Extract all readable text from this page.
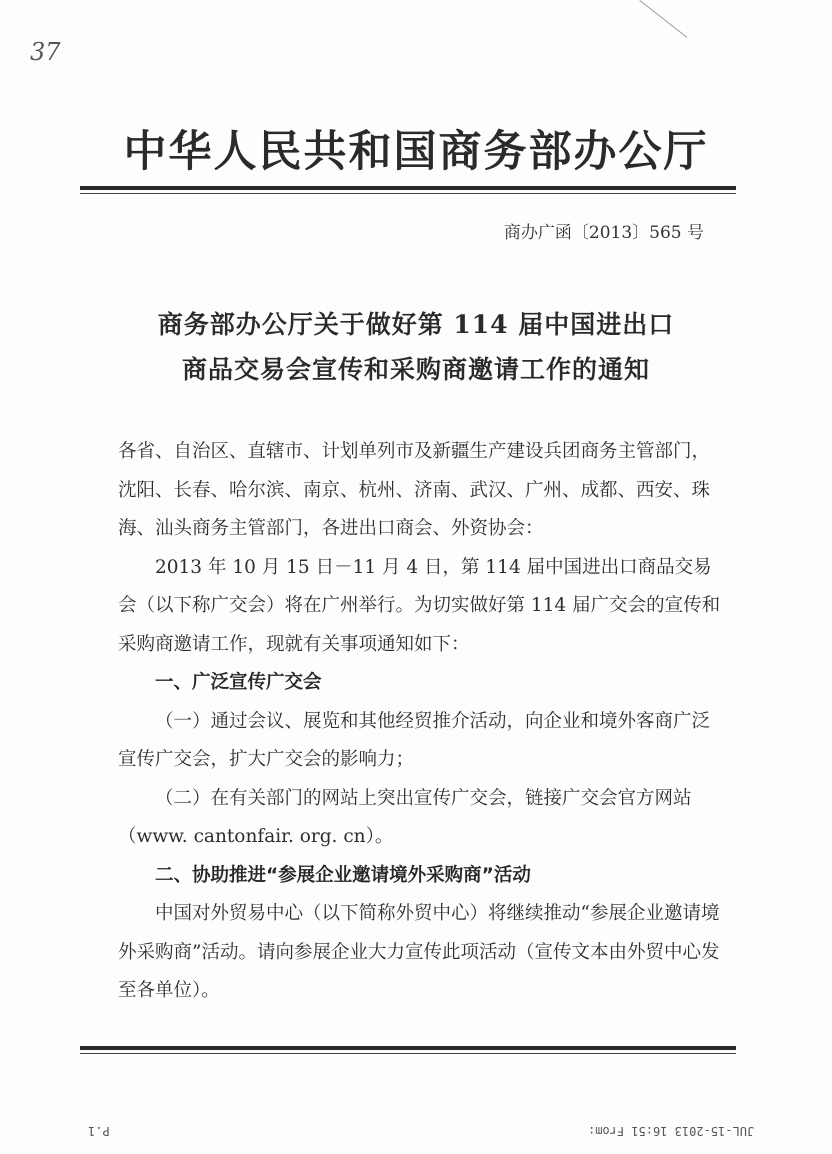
37
中华人民共和国商务部办公厅
商办广函〔2013〕565 号
商务部办公厅关于做好第 114 届中国进出口
商品交易会宣传和采购商邀请工作的通知

各省、自治区、直辖市、计划单列市及新疆生产建设兵团商务主管部门，沈阳、长春、哈尔滨、南京、杭州、济南、武汉、广州、成都、西安、珠海、汕头商务主管部门，各进出口商会、外资协会：

2013 年 10 月 15 日－11 月 4 日，第 114 届中国进出口商品交易会（以下称广交会）将在广州举行。为切实做好第 114 届广交会的宣传和采购商邀请工作，现就有关事项通知如下：

一、广泛宣传广交会

（一）通过会议、展览和其他经贸推介活动，向企业和境外客商广泛宣传广交会，扩大广交会的影响力；

（二）在有关部门的网站上突出宣传广交会，链接广交会官方网站（www. cantonfair. org. cn）。

二、协助推进“参展企业邀请境外采购商”活动

中国对外贸易中心（以下简称外贸中心）将继续推动“参展企业邀请境外采购商”活动。请向参展企业大力宣传此项活动（宣传文本由外贸中心发至各单位）。

P.1	JUL-15-2013 16:51 From:
